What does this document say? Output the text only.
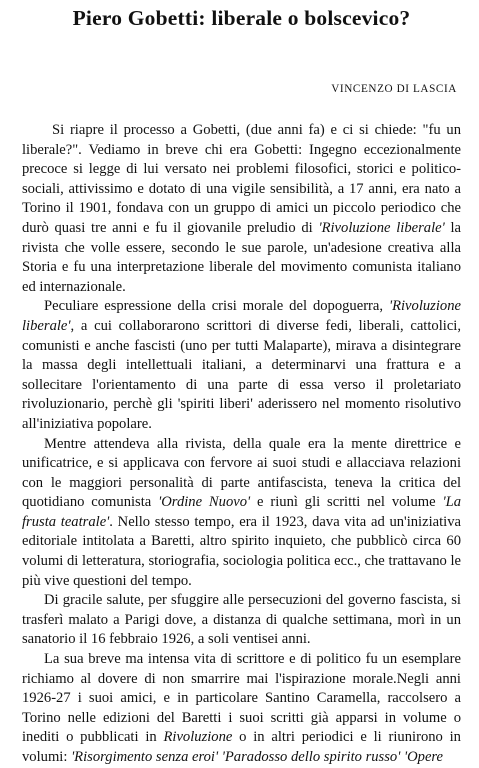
Piero Gobetti: liberale o bolscevico?
VINCENZO DI LASCIA

Si riapre il processo a Gobetti, (due anni fa) e ci si chiede: "fu un liberale?". Vediamo in breve chi era Gobetti: Ingegno eccezionalmente precoce si legge di lui versato nei problemi filosofici, storici e politico-sociali, attivissimo e dotato di una vigile sensibilità, a 17 anni, era nato a Torino il 1901, fondava con un gruppo di amici un piccolo periodico che durò quasi tre anni e fu il giovanile preludio di 'Rivoluzione liberale' la rivista che volle essere, secondo le sue parole, un'adesione creativa alla Storia e fu una interpretazione liberale del movimento comunista italiano ed internazionale.

Peculiare espressione della crisi morale del dopoguerra, 'Rivoluzione liberale', a cui collaborarono scrittori di diverse fedi, liberali, cattolici, comunisti e anche fascisti (uno per tutti Malaparte), mirava a disintegrare la massa degli intellettuali italiani, a determinarvi una frattura e a sollecitare l'orientamento di una parte di essa verso il proletariato rivoluzionario, perchè gli 'spiriti liberi' aderissero nel momento risolutivo all'iniziativa popolare.

Mentre attendeva alla rivista, della quale era la mente direttrice e unificatrice, e si applicava con fervore ai suoi studi e allacciava relazioni con le maggiori personalità di parte antifascista, teneva la critica del quotidiano comunista 'Ordine Nuovo' e riunì gli scritti nel volume 'La frusta teatrale'. Nello stesso tempo, era il 1923, dava vita ad un'iniziativa editoriale intitolata a Baretti, altro spirito inquieto, che pubblicò circa 60 volumi di letteratura, storiografia, sociologia politica ecc., che trattavano le più vive questioni del tempo.

Di gracile salute, per sfuggire alle persecuzioni del governo fascista, si trasferì malato a Parigi dove, a distanza di qualche settimana, morì in un sanatorio il 16 febbraio 1926, a soli ventisei anni.

La sua breve ma intensa vita di scrittore e di politico fu un esemplare richiamo al dovere di non smarrire mai l'ispirazione morale.Negli anni 1926-27 i suoi amici, e in particolare Santino Caramella, raccolsero a Torino nelle edizioni del Baretti i suoi scritti già apparsi in volume o inediti o pubblicati in Rivoluzione o in altri periodici e li riunirono in volumi: 'Risorgimento senza eroi' 'Paradosso dello spirito russo' 'Opere
